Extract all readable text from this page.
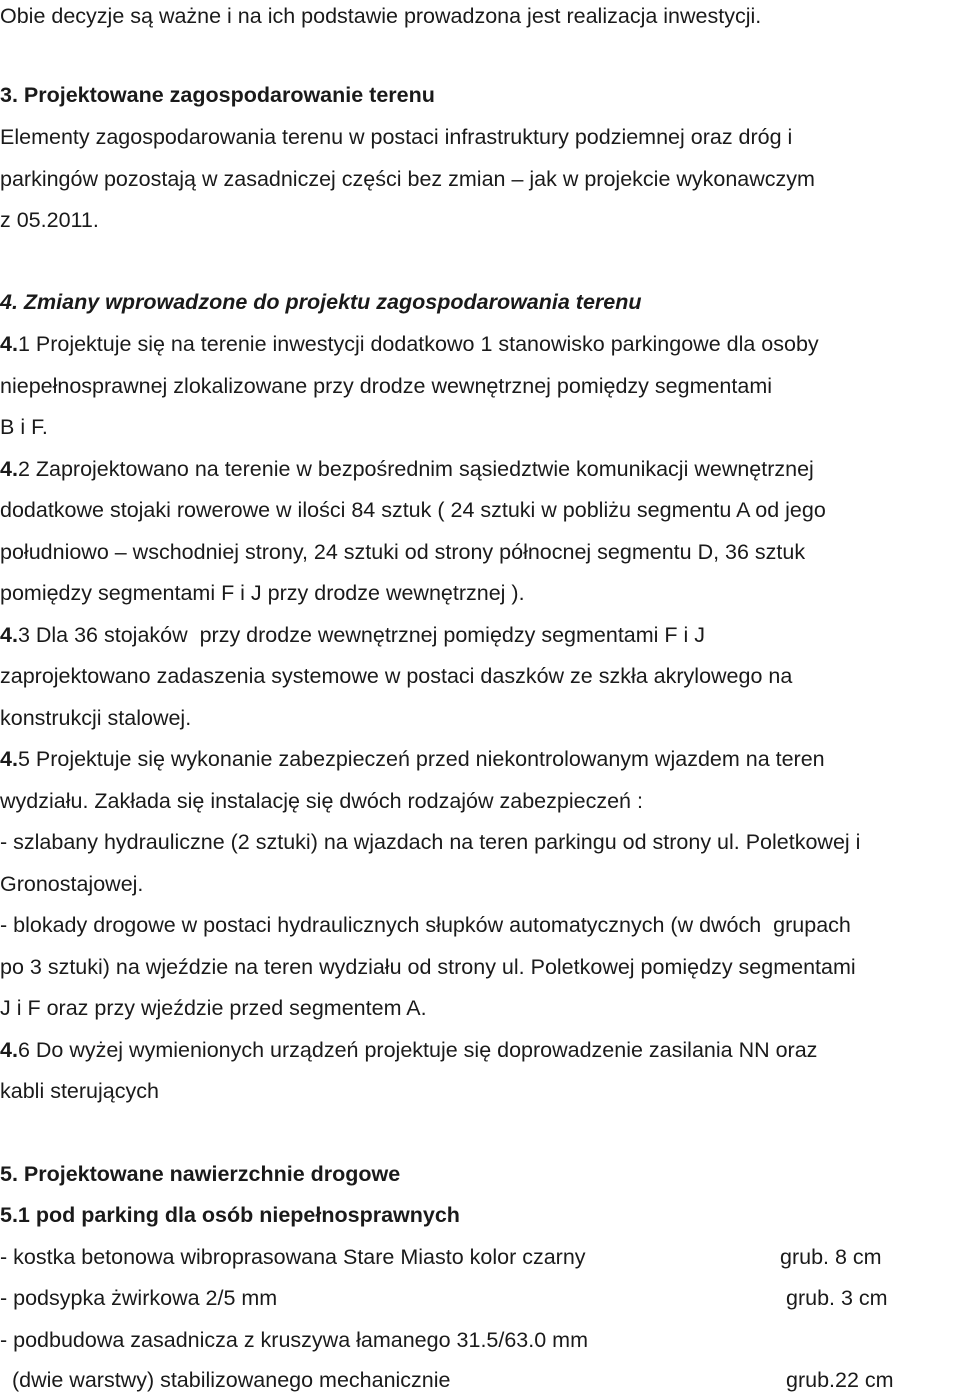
Obie decyzje są ważne i na ich podstawie prowadzona jest realizacja inwestycji.
3. Projektowane zagospodarowanie terenu
Elementy zagospodarowania terenu w postaci infrastruktury podziemnej oraz dróg i
parkingów pozostają w zasadniczej części bez zmian – jak w projekcie wykonawczym
z 05.2011.
4. Zmiany wprowadzone do projektu zagospodarowania terenu
4.1 Projektuje się na terenie inwestycji dodatkowo 1 stanowisko parkingowe dla osoby
niepełnosprawnej zlokalizowane przy drodze wewnętrznej pomiędzy segmentami
B i F.
4.2 Zaprojektowano na terenie w bezpośrednim sąsiedztwie komunikacji wewnętrznej
dodatkowe stojaki rowerowe w ilości 84 sztuk ( 24 sztuki w pobliżu segmentu A od jego
południowo – wschodniej strony, 24 sztuki od strony północnej segmentu D, 36 sztuk
pomiędzy segmentami F i J przy drodze wewnętrznej ).
4.3 Dla 36 stojaków  przy drodze wewnętrznej pomiędzy segmentami F i J
zaprojektowano zadaszenia systemowe w postaci daszków ze szkła akrylowego na
konstrukcji stalowej.
4.5 Projektuje się wykonanie zabezpieczeń przed niekontrolowanym wjazdem na teren
wydziału. Zakłada się instalację się dwóch rodzajów zabezpieczeń :
- szlabany hydrauliczne (2 sztuki) na wjazdach na teren parkingu od strony ul. Poletkowej i
Gronostajowej.
- blokady drogowe w postaci hydraulicznych słupków automatycznych (w dwóch  grupach
po 3 sztuki) na wjeździe na teren wydziału od strony ul. Poletkowej pomiędzy segmentami
J i F oraz przy wjeździe przed segmentem A.
4.6 Do wyżej wymienionych urządzeń projektuje się doprowadzenie zasilania NN oraz
kabli sterujących
5. Projektowane nawierzchnie drogowe
5.1 pod parking dla osób niepełnosprawnych
- kostka betonowa wibroprasowana Stare Miasto kolor czarny	grub. 8 cm
- podsypka żwirkowa 2/5 mm	grub. 3 cm
- podbudowa zasadnicza z kruszywa łamanego 31.5/63.0 mm
(dwie warstwy) stabilizowanego mechanicznie	grub.22 cm
